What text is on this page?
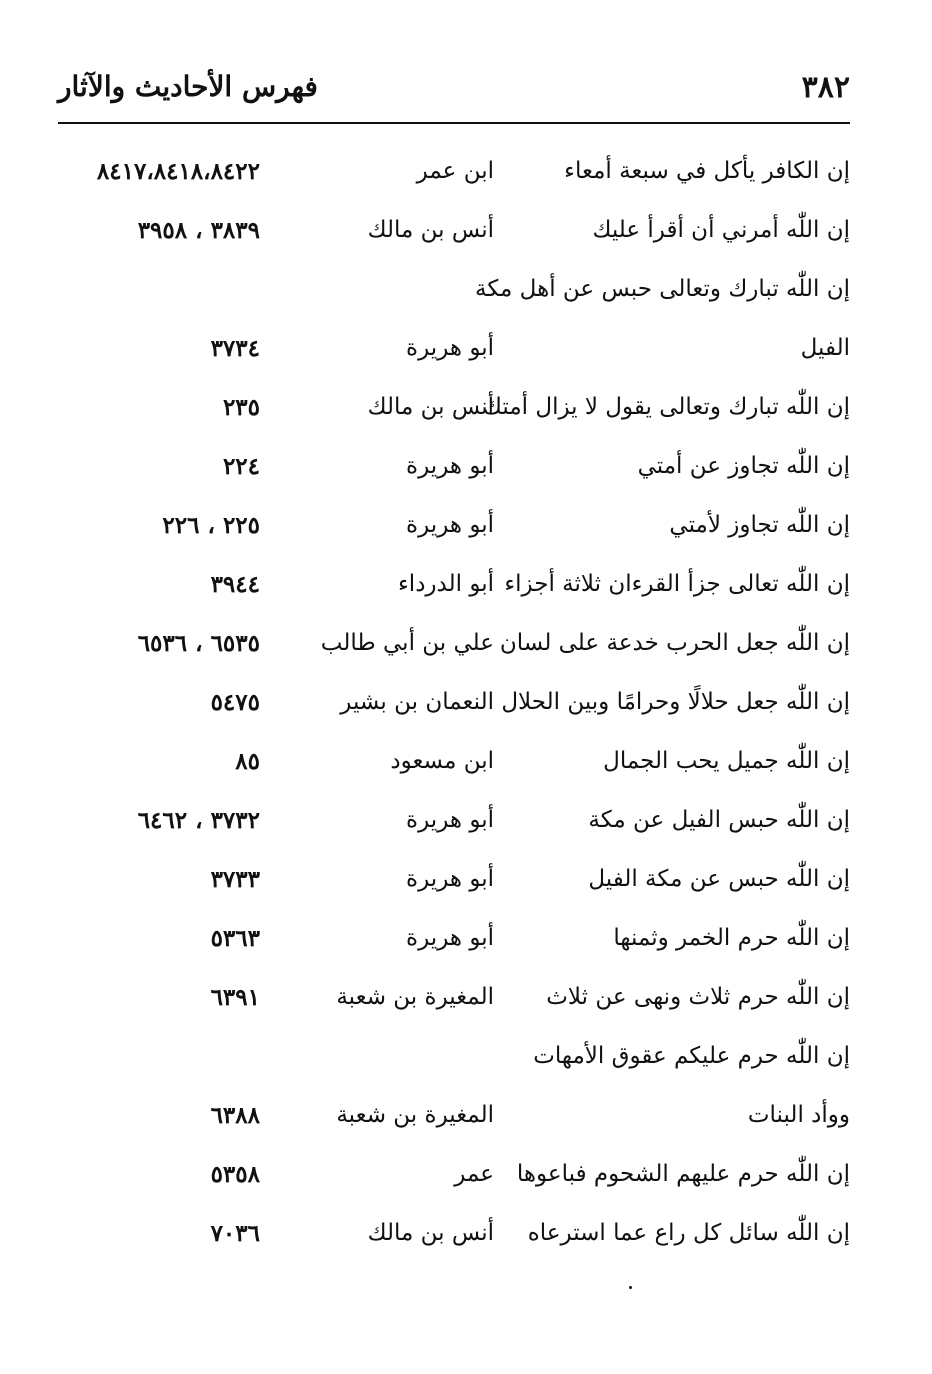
٣٨٢
فهرس الأحاديث والآثار
إن الكافر يأكل في سبعة أمعاء
ابن عمر
٨٤١٧،٨٤١٨،٨٤٢٢
إن اللّٰه أمرني أن أقرأ عليك
أنس بن مالك
٣٨٣٩ ، ٣٩٥٨
إن اللّٰه تبارك وتعالى حبس عن أهل مكة
الفيل
أبو هريرة
٣٧٣٤
إن اللّٰه تبارك وتعالى يقول لا يزال أمتك
أنس بن مالك
٢٣٥
إن اللّٰه تجاوز عن أمتي
أبو هريرة
٢٢٤
إن اللّٰه تجاوز لأمتي
أبو هريرة
٢٢٥ ، ٢٢٦
إن اللّٰه تعالى جزأ القرءان ثلاثة أجزاء
أبو الدرداء
٣٩٤٤
إن اللّٰه جعل الحرب خدعة على لسان
علي بن أبي طالب
٦٥٣٥ ، ٦٥٣٦
إن اللّٰه جعل حلالًا وحرامًا وبين الحلال
النعمان بن بشير
٥٤٧٥
إن اللّٰه جميل يحب الجمال
ابن مسعود
٨٥
إن اللّٰه حبس الفيل عن مكة
أبو هريرة
٣٧٣٢ ، ٦٤٦٢
إن اللّٰه حبس عن مكة الفيل
أبو هريرة
٣٧٣٣
إن اللّٰه حرم الخمر وثمنها
أبو هريرة
٥٣٦٣
إن اللّٰه حرم ثلاث ونهى عن ثلاث
المغيرة بن شعبة
٦٣٩١
إن اللّٰه حرم عليكم عقوق الأمهات
ووأد البنات
المغيرة بن شعبة
٦٣٨٨
إن اللّٰه حرم عليهم الشحوم فباعوها
عمر
٥٣٥٨
إن اللّٰه سائل كل راع عما استرعاه
أنس بن مالك
٧٠٣٦
